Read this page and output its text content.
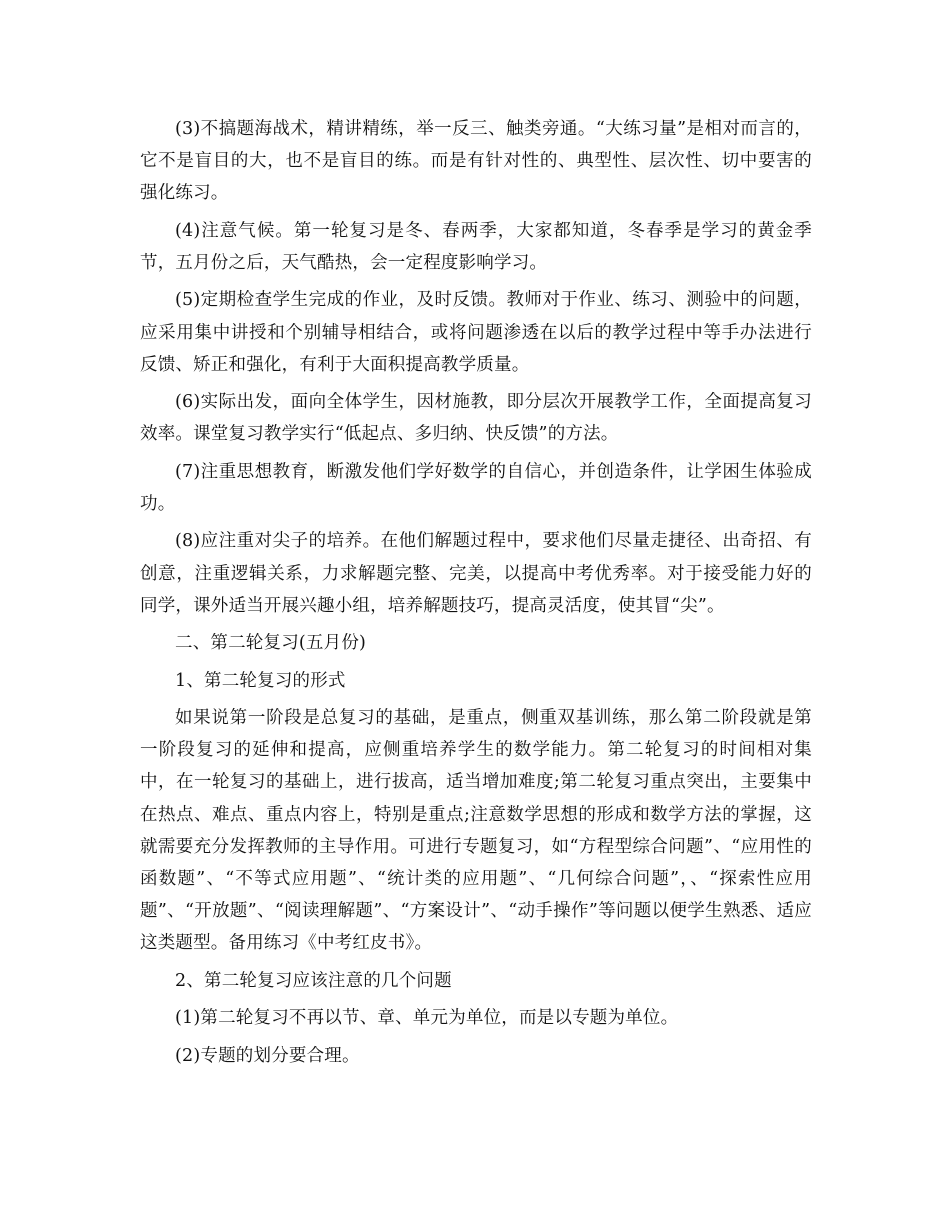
(3)不搞题海战术，精讲精练，举一反三、触类旁通。“大练习量”是相对而言的，它不是盲目的大，也不是盲目的练。而是有针对性的、典型性、层次性、切中要害的强化练习。

(4)注意气候。第一轮复习是冬、春两季，大家都知道，冬春季是学习的黄金季节，五月份之后，天气酷热，会一定程度影响学习。

(5)定期检查学生完成的作业，及时反馈。教师对于作业、练习、测验中的问题，应采用集中讲授和个别辅导相结合，或将问题渗透在以后的教学过程中等手办法进行反馈、矫正和强化，有利于大面积提高教学质量。

(6)实际出发，面向全体学生，因材施教，即分层次开展教学工作，全面提高复习效率。课堂复习教学实行“低起点、多归纳、快反馈”的方法。

(7)注重思想教育，断激发他们学好数学的自信心，并创造条件，让学困生体验成功。

(8)应注重对尖子的培养。在他们解题过程中，要求他们尽量走捷径、出奇招、有创意，注重逻辑关系，力求解题完整、完美，以提高中考优秀率。对于接受能力好的同学，课外适当开展兴趣小组，培养解题技巧，提高灵活度，使其冒“尖”。

二、第二轮复习(五月份)

1、第二轮复习的形式

如果说第一阶段是总复习的基础，是重点，侧重双基训练，那么第二阶段就是第一阶段复习的延伸和提高，应侧重培养学生的数学能力。第二轮复习的时间相对集中，在一轮复习的基础上，进行拔高，适当增加难度;第二轮复习重点突出，主要集中在热点、难点、重点内容上，特别是重点;注意数学思想的形成和数学方法的掌握，这就需要充分发挥教师的主导作用。可进行专题复习，如“方程型综合问题”、“应用性的函数题”、“不等式应用题”、“统计类的应用题”、“几何综合问题”，、“探索性应用题”、“开放题”、“阅读理解题”、“方案设计”、“动手操作”等问题以便学生熟悉、适应这类题型。备用练习《中考红皮书》。

2、第二轮复习应该注意的几个问题

(1)第二轮复习不再以节、章、单元为单位，而是以专题为单位。

(2)专题的划分要合理。
